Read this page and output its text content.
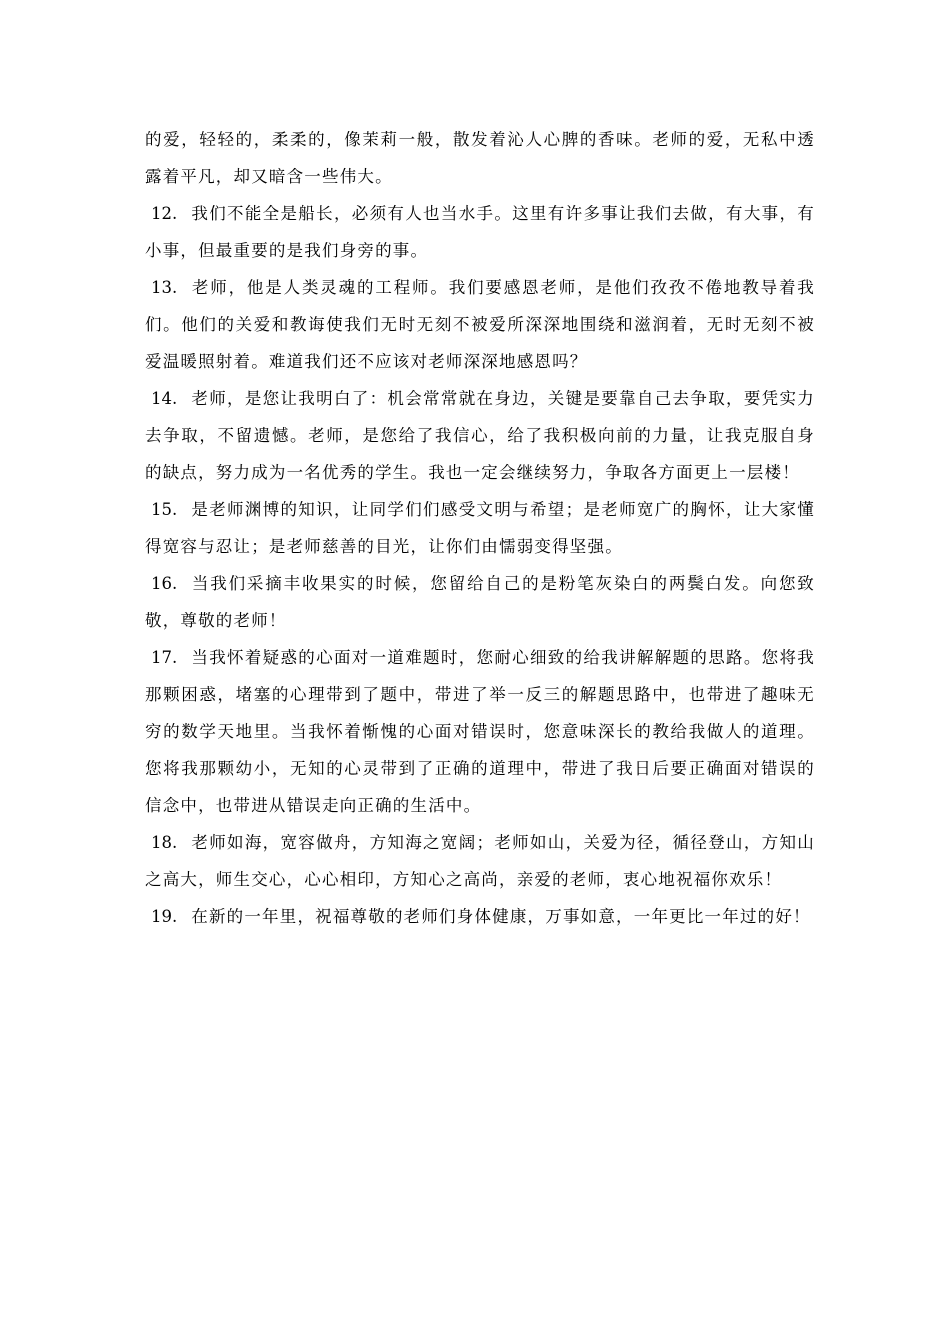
的爱，轻轻的，柔柔的，像茉莉一般，散发着沁人心脾的香味。老师的爱，无私中透露着平凡，却又暗含一些伟大。

12. 我们不能全是船长，必须有人也当水手。这里有许多事让我们去做，有大事，有小事，但最重要的是我们身旁的事。

13. 老师，他是人类灵魂的工程师。我们要感恩老师，是他们孜孜不倦地教导着我们。他们的关爱和教诲使我们无时无刻不被爱所深深地围绕和滋润着，无时无刻不被爱温暖照射着。难道我们还不应该对老师深深地感恩吗？

14. 老师，是您让我明白了：机会常常就在身边，关键是要靠自己去争取，要凭实力去争取，不留遗憾。老师，是您给了我信心，给了我积极向前的力量，让我克服自身的缺点，努力成为一名优秀的学生。我也一定会继续努力，争取各方面更上一层楼！

15. 是老师渊博的知识，让同学们们感受文明与希望；是老师宽广的胸怀，让大家懂得宽容与忍让；是老师慈善的目光，让你们由懦弱变得坚强。

16. 当我们采摘丰收果实的时候，您留给自己的是粉笔灰染白的两鬓白发。向您致敬，尊敬的老师！

17. 当我怀着疑惑的心面对一道难题时，您耐心细致的给我讲解解题的思路。您将我那颗困惑，堵塞的心理带到了题中，带进了举一反三的解题思路中，也带进了趣味无穷的数学天地里。当我怀着惭愧的心面对错误时，您意味深长的教给我做人的道理。您将我那颗幼小，无知的心灵带到了正确的道理中，带进了我日后要正确面对错误的信念中，也带进从错误走向正确的生活中。

18. 老师如海，宽容做舟，方知海之宽阔；老师如山，关爱为径，循径登山，方知山之高大，师生交心，心心相印，方知心之高尚，亲爱的老师，衷心地祝福你欢乐！

19. 在新的一年里，祝福尊敬的老师们身体健康，万事如意，一年更比一年过的好！
